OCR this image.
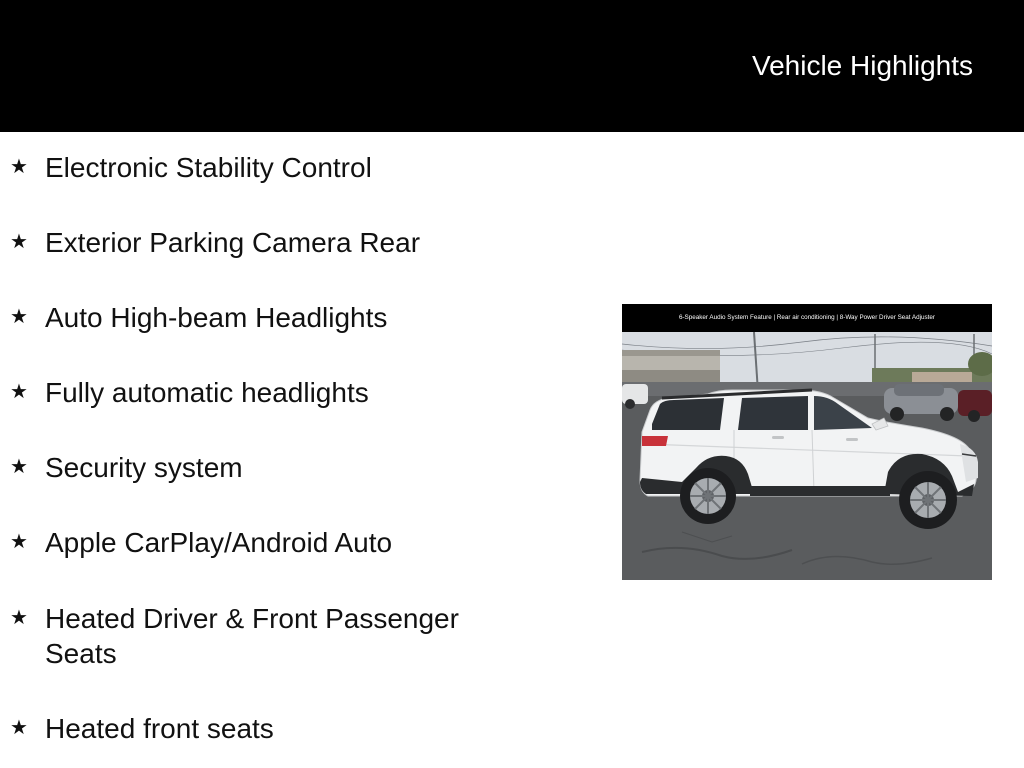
Vehicle Highlights
★ Electronic Stability Control
★ Exterior Parking Camera Rear
★ Auto High-beam Headlights
★ Fully automatic headlights
★ Security system
★ Apple CarPlay/Android Auto
★ Heated Driver & Front Passenger Seats
★ Heated front seats
6-Speaker Audio System Feature | Rear air conditioning | 8-Way Power Driver Seat Adjuster
